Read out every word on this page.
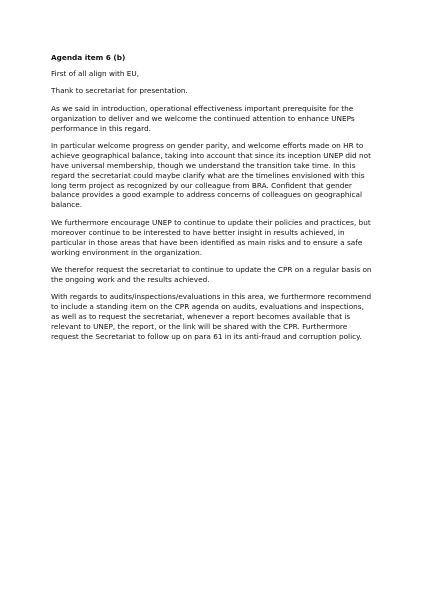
Agenda item 6 (b)

First of all align with EU,

Thank to secretariat for presentation.

As we said in introduction, operational effectiveness important prerequisite for the organization to deliver and we welcome the continued attention to enhance UNEPs performance in this regard.

In particular welcome progress on gender parity, and welcome efforts made on HR to achieve geographical balance, taking into account that since its inception UNEP did not have universal membership, though we understand the transition take time. In this regard the secretariat could maybe clarify what are the timelines envisioned with this long term project as recognized by our colleague from BRA. Confident that gender balance provides a good example to address concerns of colleagues on geographical balance.

We furthermore encourage UNEP to continue to update their policies and practices, but moreover continue to be interested to have better insight in results achieved, in particular in those areas that have been identified as main risks and to ensure a safe working environment in the organization.

We therefor request the secretariat to continue to update the CPR on a regular basis on the ongoing work and the results achieved.

With regards to audits/inspections/evaluations in this area, we furthermore recommend to include a standing item on the CPR agenda on audits, evaluations and inspections, as well as to request the secretariat, whenever a report becomes available that is relevant to UNEP, the report, or the link will be shared with the CPR. Furthermore request the Secretariat to follow up on para 61 in its anti-fraud and corruption policy.
